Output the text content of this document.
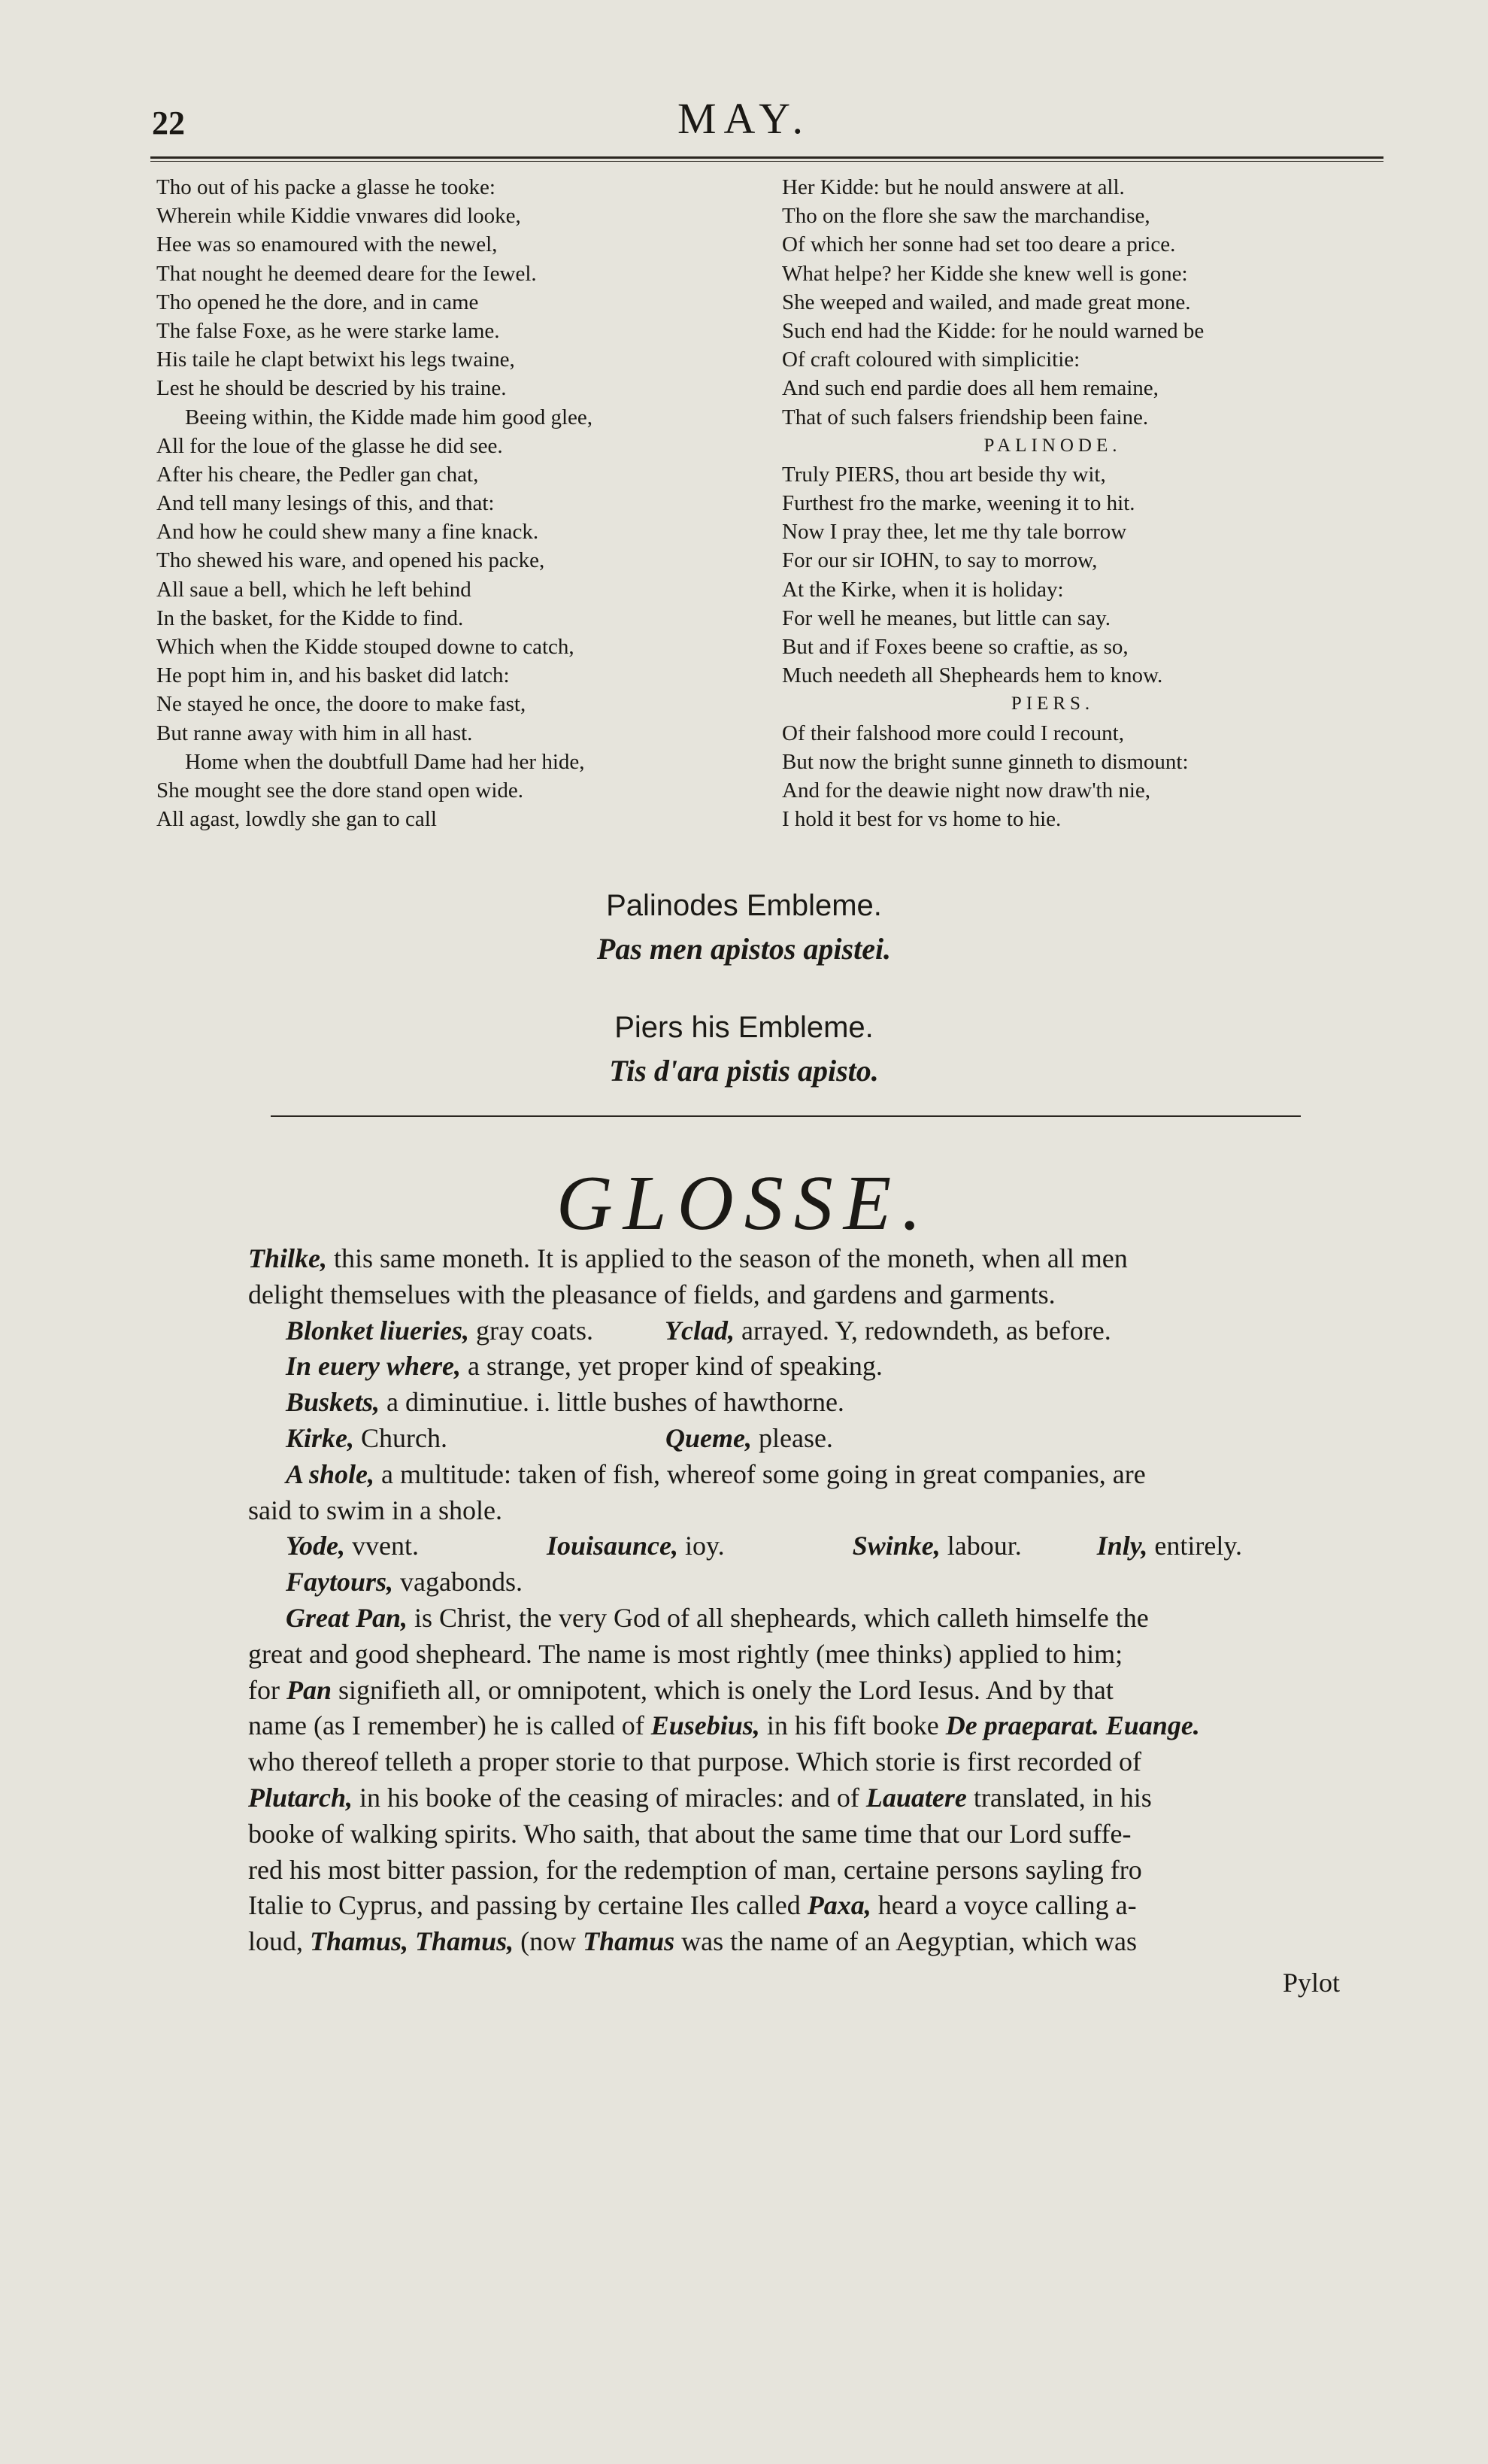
22	MAY.
Tho out of his packe a glasse he tooke:
Wherein while Kiddie vnwares did looke,
Hee was so enamoured with the newel,
That nought he deemed deare for the Iewel.
Tho opened he the dore, and in came
The false Foxe, as he were starke lame.
His taile he clapt betwixt his legs twaine,
Lest he should be descried by his traine.
Beeing within, the Kidde made him good glee,
All for the loue of the glasse he did see.
After his cheare, the Pedler gan chat,
And tell many lesings of this, and that:
And how he could shew many a fine knack.
Tho shewed his ware, and opened his packe,
All saue a bell, which he left behind
In the basket, for the Kidde to find.
Which when the Kidde stouped downe to catch,
He popt him in, and his basket did latch:
Ne stayed he once, the doore to make fast,
But ranne away with him in all hast.
Home when the doubtfull Dame had her hide,
She mought see the dore stand open wide.
All agast, lowdly she gan to call
Her Kidde: but he nould answere at all.
Tho on the flore she saw the marchandise,
Of which her sonne had set too deare a price.
What helpe? her Kidde she knew well is gone:
She weeped and wailed, and made great mone.
Such end had the Kidde: for he nould warned be
Of craft coloured with simplicitie:
And such end pardie does all hem remaine,
That of such falsers friendship been faine.
PALINODE.
Truly PIERS, thou art beside thy wit,
Furthest fro the marke, weening it to hit.
Now I pray thee, let me thy tale borrow
For our sir IOHN, to say to morrow,
At the Kirke, when it is holiday:
For well he meanes, but little can say.
But and if Foxes beene so craftie, as so,
Much needeth all Shepheards hem to know.
PIERS.
Of their falshood more could I recount,
But now the bright sunne ginneth to dismount:
And for the deawie night now draw'th nie,
I hold it best for vs home to hie.
Palinodes Embleme.
Pas men apistos apistei.
Piers his Embleme.
Tis d'ara pistis apisto.
GLOSSE.
Thilke, this same moneth. It is applied to the season of the moneth, when all men
delight themselues with the pleasance of fields, and gardens and garments.
Blonket liueries, gray coats.	Yclad, arrayed. Y, redowndeth, as before.
In euery where, a strange, yet proper kind of speaking.
Buskets, a diminutiue. i. little bushes of hawthorne.
Kirke, Church.	Queme, please.
A shole, a multitude: taken of fish, whereof some going in great companies, are
said to swim in a shole.
Yode, vvent.	Iouisaunce, ioy.	Swinke, labour.	Inly, entirely.
Faytours, vagabonds.
Great Pan, is Christ, the very God of all shepheards, which calleth himselfe the
great and good shepheard. The name is most rightly (mee thinks) applied to him;
for Pan signifieth all, or omnipotent, which is onely the Lord Iesus. And by that
name (as I remember) he is called of Eusebius, in his fift booke De praeparat. Euange.
who thereof telleth a proper storie to that purpose. Which storie is first recorded of
Plutarch, in his booke of the ceasing of miracles: and of Lauatere translated, in his
booke of walking spirits. Who saith, that about the same time that our Lord suffe-
red his most bitter passion, for the redemption of man, certaine persons sayling fro
Italie to Cyprus, and passing by certaine Iles called Paxa, heard a voyce calling a-
loud, Thamus, Thamus, (now Thamus was the name of an Aegyptian, which was
Pylot
